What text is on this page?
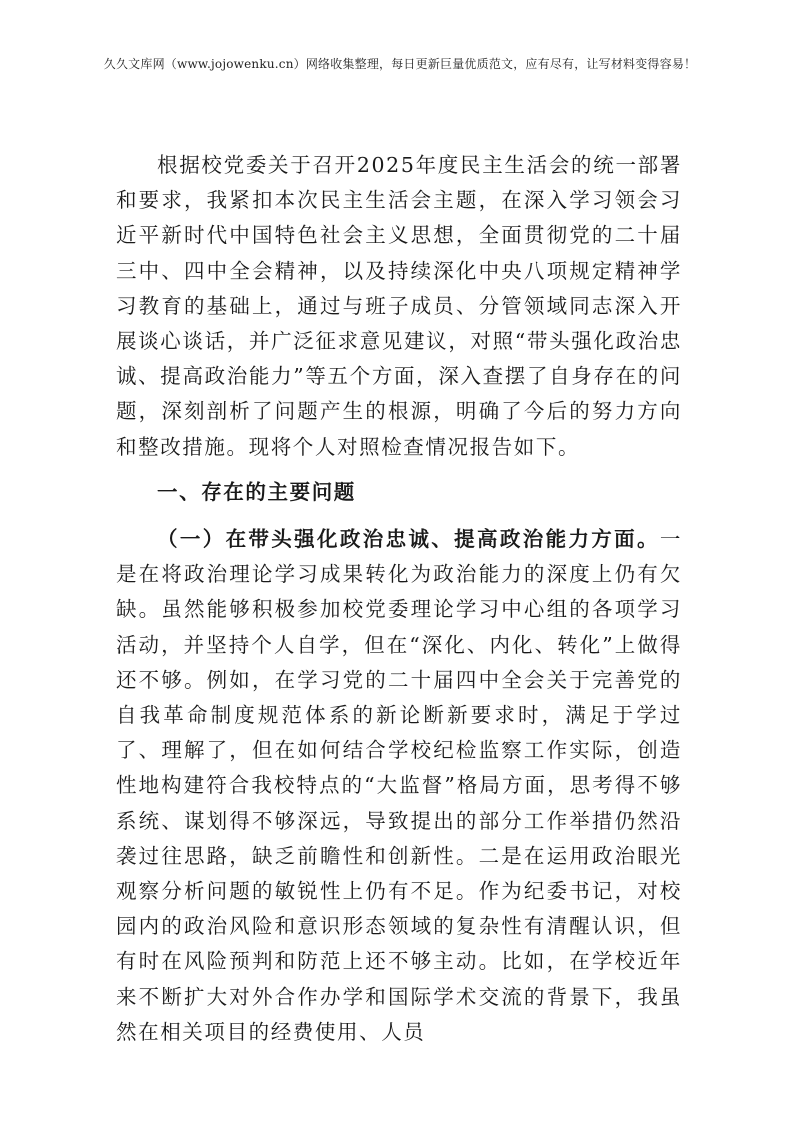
久久文库网（www.jojowenku.cn）网络收集整理，每日更新巨量优质范文，应有尽有，让写材料变得容易！

根据校党委关于召开2025年度民主生活会的统一部署和要求，我紧扣本次民主生活会主题，在深入学习领会习近平新时代中国特色社会主义思想，全面贯彻党的二十届三中、四中全会精神，以及持续深化中央八项规定精神学习教育的基础上，通过与班子成员、分管领域同志深入开展谈心谈话，并广泛征求意见建议，对照“带头强化政治忠诚、提高政治能力”等五个方面，深入查摆了自身存在的问题，深刻剖析了问题产生的根源，明确了今后的努力方向和整改措施。现将个人对照检查情况报告如下。

一、存在的主要问题

（一）在带头强化政治忠诚、提高政治能力方面。一是在将政治理论学习成果转化为政治能力的深度上仍有欠缺。虽然能够积极参加校党委理论学习中心组的各项学习活动，并坚持个人自学，但在“深化、内化、转化”上做得还不够。例如，在学习党的二十届四中全会关于完善党的自我革命制度规范体系的新论断新要求时，满足于学过了、理解了，但在如何结合学校纪检监察工作实际，创造性地构建符合我校特点的“大监督”格局方面，思考得不够系统、谋划得不够深远，导致提出的部分工作举措仍然沿袭过往思路，缺乏前瞻性和创新性。二是在运用政治眼光观察分析问题的敏锐性上仍有不足。作为纪委书记，对校园内的政治风险和意识形态领域的复杂性有清醒认识，但有时在风险预判和防范上还不够主动。比如，在学校近年来不断扩大对外合作办学和国际学术交流的背景下，我虽然在相关项目的经费使用、人员
